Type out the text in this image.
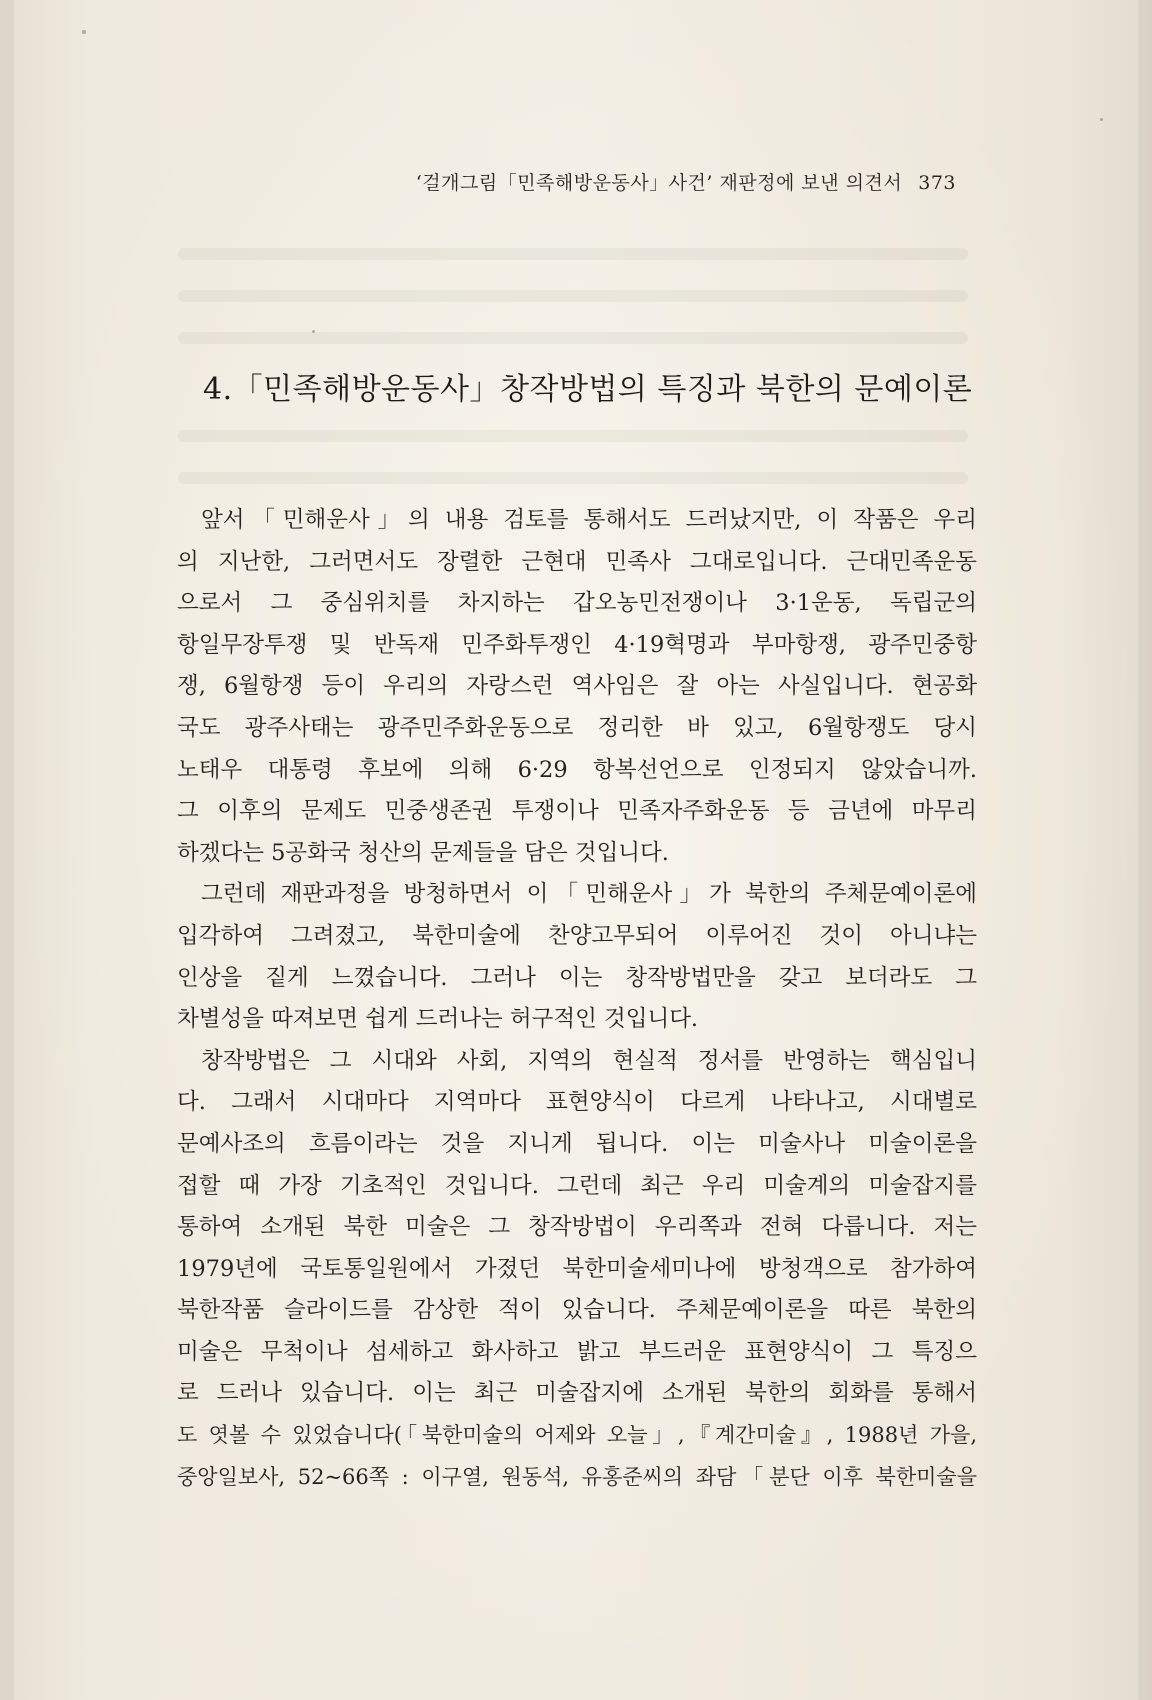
‘걸개그림「민족해방운동사」사건’ 재판정에 보낸 의견서 373
4.「민족해방운동사」창작방법의 특징과 북한의 문예이론
앞서「민해운사」의 내용 검토를 통해서도 드러났지만, 이 작품은 우리
의 지난한, 그러면서도 장렬한 근현대 민족사 그대로입니다. 근대민족운동
으로서 그 중심위치를 차지하는 갑오농민전쟁이나 3·1운동, 독립군의
항일무장투쟁 및 반독재 민주화투쟁인 4·19혁명과 부마항쟁, 광주민중항
쟁, 6월항쟁 등이 우리의 자랑스런 역사임은 잘 아는 사실입니다. 현공화
국도 광주사태는 광주민주화운동으로 정리한 바 있고, 6월항쟁도 당시
노태우 대통령 후보에 의해 6·29 항복선언으로 인정되지 않았습니까.
그 이후의 문제도 민중생존권 투쟁이나 민족자주화운동 등 금년에 마무리
하겠다는 5공화국 청산의 문제들을 담은 것입니다.
그런데 재판과정을 방청하면서 이「민해운사」가 북한의 주체문예이론에
입각하여 그려졌고, 북한미술에 찬양고무되어 이루어진 것이 아니냐는
인상을 짙게 느꼈습니다. 그러나 이는 창작방법만을 갖고 보더라도 그
차별성을 따져보면 쉽게 드러나는 허구적인 것입니다.
창작방법은 그 시대와 사회, 지역의 현실적 정서를 반영하는 핵심입니
다. 그래서 시대마다 지역마다 표현양식이 다르게 나타나고, 시대별로
문예사조의 흐름이라는 것을 지니게 됩니다. 이는 미술사나 미술이론을
접할 때 가장 기초적인 것입니다. 그런데 최근 우리 미술계의 미술잡지를
통하여 소개된 북한 미술은 그 창작방법이 우리쪽과 전혀 다릅니다. 저는
1979년에 국토통일원에서 가졌던 북한미술세미나에 방청객으로 참가하여
북한작품 슬라이드를 감상한 적이 있습니다. 주체문예이론을 따른 북한의
미술은 무척이나 섬세하고 화사하고 밝고 부드러운 표현양식이 그 특징으
로 드러나 있습니다. 이는 최근 미술잡지에 소개된 북한의 회화를 통해서
도 엿볼 수 있었습니다(「북한미술의 어제와 오늘」,『계간미술』, 1988년 가을,
중앙일보사, 52~66쪽 : 이구열, 원동석, 유홍준씨의 좌담「분단 이후 북한미술을
